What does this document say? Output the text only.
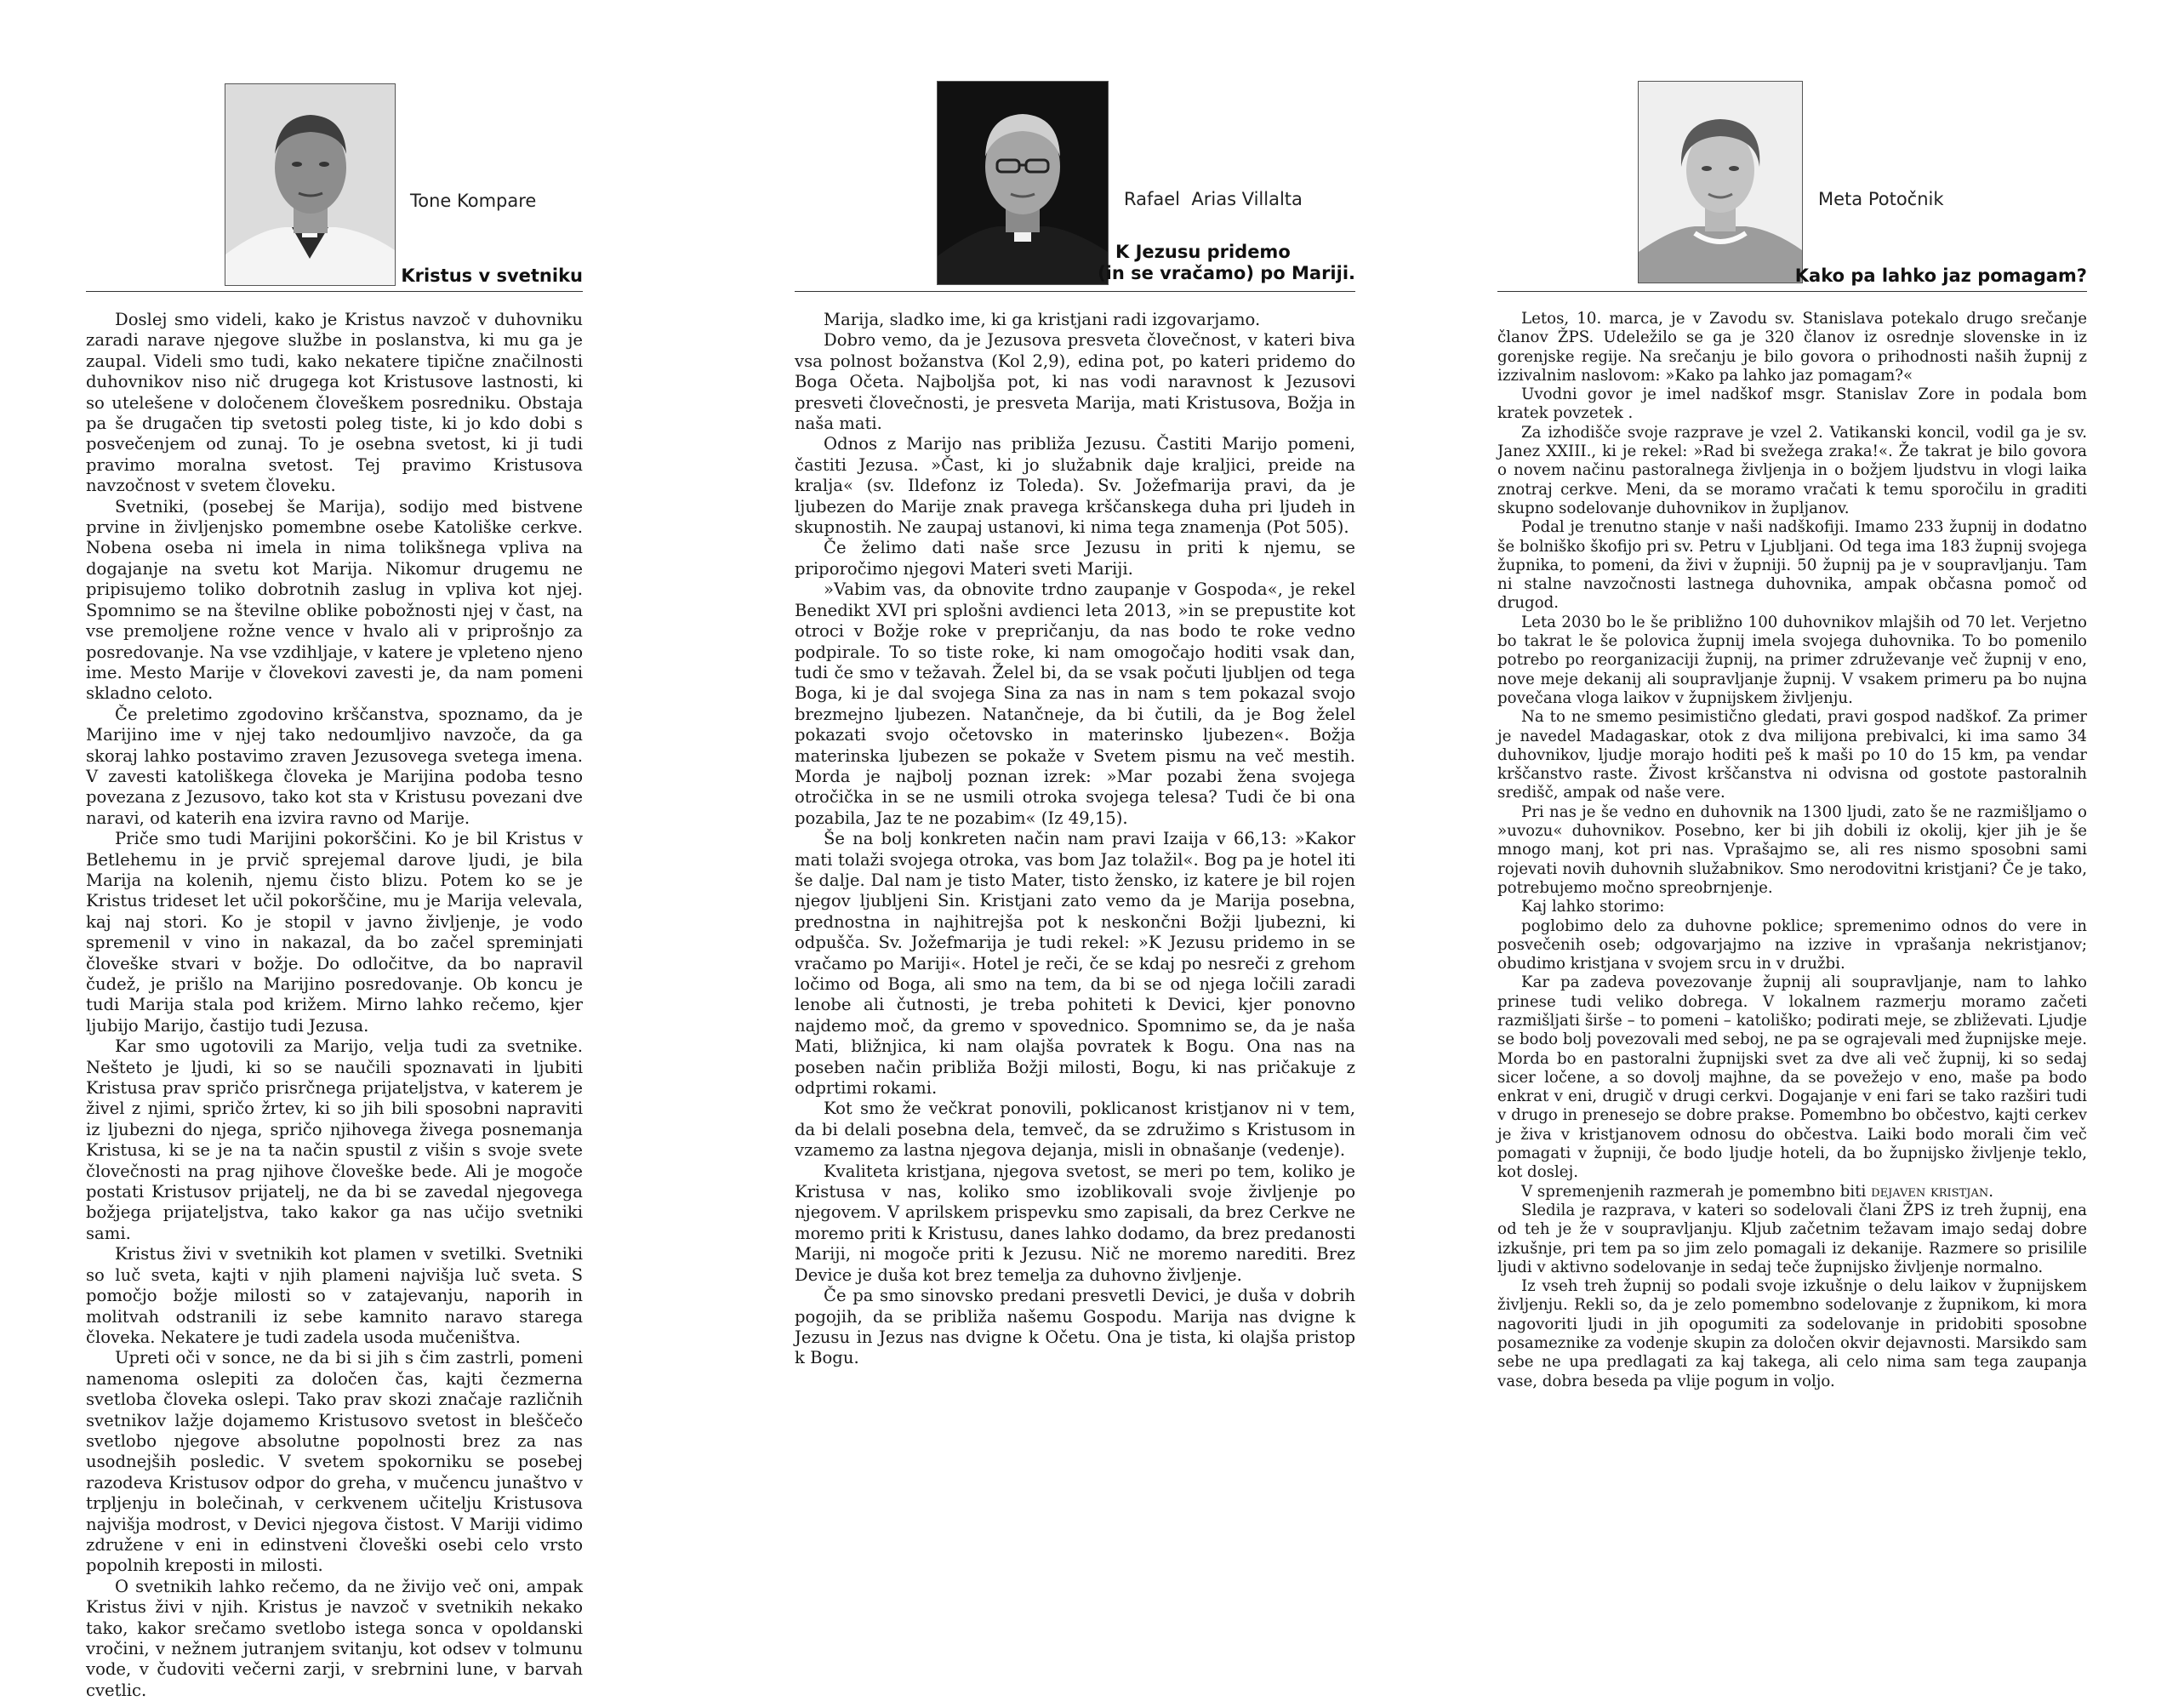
Tone Kompare
Kristus v svetniku

Doslej smo videli, kako je Kristus navzoč v duhovniku zaradi narave njegove službe in poslanstva, ki mu ga je zaupal. Videli smo tudi, kako nekatere tipične značilnosti duhovnikov niso nič drugega kot Kristusove lastnosti, ki so utelešene v določenem človeškem posredniku. Obstaja pa še drugačen tip svetosti poleg tiste, ki jo kdo dobi s posvečenjem od zunaj. To je osebna svetost, ki ji tudi pravimo moralna svetost. Tej pravimo Kristusova navzočnost v svetem človeku.

Svetniki, (posebej še Marija), sodijo med bistvene prvine in življenjsko pomembne osebe Katoliške cerkve. Nobena oseba ni imela in nima tolikšnega vpliva na dogajanje na svetu kot Marija. Nikomur drugemu ne pripisujemo toliko dobrotnih zaslug in vpliva kot njej. Spomnimo se na številne oblike pobožnosti njej v čast, na vse premoljene rožne vence v hvalo ali v priprošnjo za posredovanje. Na vse vzdihljaje, v katere je vpleteno njeno ime. Mesto Marije v človekovi zavesti je, da nam pomeni skladno celoto.

Če preletimo zgodovino krščanstva, spoznamo, da je Marijino ime v njej tako nedoumljivo navzoče, da ga skoraj lahko postavimo zraven Jezusovega svetega imena. V zavesti katoliškega človeka je Marijina podoba tesno povezana z Jezusovo, tako kot sta v Kristusu povezani dve naravi, od katerih ena izvira ravno od Marije.

Priče smo tudi Marijini pokorščini. Ko je bil Kristus v Betlehemu in je prvič sprejemal darove ljudi, je bila Marija na kolenih, njemu čisto blizu. Potem ko se je Kristus trideset let učil pokorščine, mu je Marija velevala, kaj naj stori. Ko je stopil v javno življenje, je vodo spremenil v vino in nakazal, da bo začel spreminjati človeške stvari v božje. Do odločitve, da bo napravil čudež, je prišlo na Marijino posredovanje. Ob koncu je tudi Marija stala pod križem. Mirno lahko rečemo, kjer ljubijo Marijo, častijo tudi Jezusa.

Kar smo ugotovili za Marijo, velja tudi za svetnike. Nešteto je ljudi, ki so se naučili spoznavati in ljubiti Kristusa prav spričo prisrčnega prijateljstva, v katerem je živel z njimi, spričo žrtev, ki so jih bili sposobni napraviti iz ljubezni do njega, spričo njihovega živega posnemanja Kristusa, ki se je na ta način spustil z višin s svoje svete človečnosti na prag njihove človeške bede. Ali je mogoče postati Kristusov prijatelj, ne da bi se zavedal njegovega božjega prijateljstva, tako kakor ga nas učijo svetniki sami.

Kristus živi v svetnikih kot plamen v svetilki. Svetniki so luč sveta, kajti v njih plameni najvišja luč sveta. S pomočjo božje milosti so v zatajevanju, naporih in molitvah odstranili iz sebe kamnito naravo starega človeka. Nekatere je tudi zadela usoda mučeništva.

Upreti oči v sonce, ne da bi si jih s čim zastrli, pomeni namenoma oslepiti za določen čas, kajti čezmerna svetloba človeka oslepi. Tako prav skozi značaje različnih svetnikov lažje dojamemo Kristusovo svetost in bleščečo svetlobo njegove absolutne popolnosti brez za nas usodnejših posledic. V svetem spokorniku se posebej razodeva Kristusov odpor do greha, v mučencu junaštvo v trpljenju in bolečinah, v cerkvenem učitelju Kristusova najvišja modrost, v Devici njegova čistost. V Mariji vidimo združene v eni in edinstveni človeški osebi celo vrsto popolnih kreposti in milosti.

O svetnikih lahko rečemo, da ne živijo več oni, ampak Kristus živi v njih. Kristus je navzoč v svetnikih nekako tako, kakor srečamo svetlobo istega sonca v opoldanski vročini, v nežnem jutranjem svitanju, kot odsev v tolmunu vode, v čudoviti večerni zarji, v srebrnini lune, v barvah cvetlic.

Rafael  Arias Villalta
K Jezusu pridemo
(in se vračamo) po Mariji.

Marija, sladko ime, ki ga kristjani radi izgovarjamo.

Dobro vemo, da je Jezusova presveta človečnost, v kateri biva vsa polnost božanstva (Kol 2,9), edina pot, po kateri pridemo do Boga Očeta. Najboljša pot, ki nas vodi naravnost k Jezusovi presveti človečnosti, je presveta Marija, mati Kristusova, Božja in naša mati.

Odnos z Marijo nas približa Jezusu. Častiti Marijo pomeni, častiti Jezusa. »Čast, ki jo služabnik daje kraljici, preide na kralja« (sv. Ildefonz iz Toleda). Sv. Jožefmarija pravi, da je ljubezen do Marije znak pravega krščanskega duha pri ljudeh in skupnostih. Ne zaupaj ustanovi, ki nima tega znamenja (Pot 505).

Če želimo dati naše srce Jezusu in priti k njemu, se priporočimo njegovi Materi sveti Mariji.

»Vabim vas, da obnovite trdno zaupanje v Gospoda«, je rekel Benedikt XVI pri splošni avdienci leta 2013, »in se prepustite kot otroci v Božje roke v prepričanju, da nas bodo te roke vedno podpirale. To so tiste roke, ki nam omogočajo hoditi vsak dan, tudi če smo v težavah. Želel bi, da se vsak počuti ljubljen od tega Boga, ki je dal svojega Sina za nas in nam s tem pokazal svojo brezmejno ljubezen. Natančneje, da bi čutili, da je Bog želel pokazati svojo očetovsko in materinsko ljubezen«. Božja materinska ljubezen se pokaže v Svetem pismu na več mestih. Morda je najbolj poznan izrek: »Mar pozabi žena svojega otročička in se ne usmili otroka svojega telesa? Tudi če bi ona pozabila, Jaz te ne pozabim« (Iz 49,15).

Še na bolj konkreten način nam pravi Izaija v 66,13: »Kakor mati tolaži svojega otroka, vas bom Jaz tolažil«. Bog pa je hotel iti še dalje. Dal nam je tisto Mater, tisto žensko, iz katere je bil rojen njegov ljubljeni Sin. Kristjani zato vemo da je Marija posebna, prednostna in najhitrejša pot k neskončni Božji ljubezni, ki odpušča. Sv. Jožefmarija je tudi rekel: »K Jezusu pridemo in se vračamo po Mariji«. Hotel je reči, če se kdaj po nesreči z grehom ločimo od Boga, ali smo na tem, da bi se od njega ločili zaradi lenobe ali čutnosti, je treba pohiteti k Devici, kjer ponovno najdemo moč, da gremo v spovednico. Spomnimo se, da je naša Mati, bližnjica, ki nam olajša povratek k Bogu. Ona nas na poseben način približa Božji milosti, Bogu, ki nas pričakuje z odprtimi rokami.

Kot smo že večkrat ponovili, poklicanost kristjanov ni v tem, da bi delali posebna dela, temveč, da se združimo s Kristusom in vzamemo za lastna njegova dejanja, misli in obnašanje (vedenje).

Kvaliteta kristjana, njegova svetost, se meri po tem, koliko je Kristusa v nas, koliko smo izoblikovali svoje življenje po njegovem. V aprilskem prispevku smo zapisali, da brez Cerkve ne moremo priti k Kristusu, danes lahko dodamo, da brez predanosti Mariji, ni mogoče priti k Jezusu. Nič ne moremo narediti. Brez Device je duša kot brez temelja za duhovno življenje.

Če pa smo sinovsko predani presvetli Devici, je duša v dobrih pogojih, da se približa našemu Gospodu. Marija nas dvigne k Jezusu in Jezus nas dvigne k Očetu. Ona je tista, ki olajša pristop k Bogu.

Meta Potočnik
Kako pa lahko jaz pomagam?

Letos, 10. marca, je v Zavodu sv. Stanislava potekalo drugo srečanje članov ŽPS. Udeležilo se ga je 320 članov iz osrednje slovenske in iz gorenjske regije. Na srečanju je bilo govora o prihodnosti naših župnij z izzivalnim naslovom: »Kako pa lahko jaz pomagam?«

Uvodni govor je imel nadškof msgr. Stanislav Zore in podala bom kratek povzetek .

Za izhodišče svoje razprave je vzel 2. Vatikanski koncil, vodil ga je sv. Janez XXIII., ki je rekel: »Rad bi svežega zraka!«. Že takrat je bilo govora o novem načinu pastoralnega življenja in o božjem ljudstvu in vlogi laika znotraj cerkve. Meni, da se moramo vračati k temu sporočilu in graditi skupno sodelovanje duhovnikov in župljanov.

Podal je trenutno stanje v naši nadškofiji. Imamo 233 župnij in dodatno še bolniško škofijo pri sv. Petru v Ljubljani. Od tega ima 183 župnij svojega župnika, to pomeni, da živi v župniji. 50 župnij pa je v soupravljanju. Tam ni stalne navzočnosti lastnega duhovnika, ampak občasna pomoč od drugod.

Leta 2030 bo le še približno 100 duhovnikov mlajših od 70 let. Verjetno bo takrat le še polovica župnij imela svojega duhovnika. To bo pomenilo potrebo po reorganizaciji župnij, na primer združevanje več župnij v eno, nove meje dekanij ali soupravljanje župnij. V vsakem primeru pa bo nujna povečana vloga laikov v župnijskem življenju.

Na to ne smemo pesimistično gledati, pravi gospod nadškof. Za primer je navedel Madagaskar, otok z dva milijona prebivalci, ki ima samo 34 duhovnikov, ljudje morajo hoditi peš k maši po 10 do 15 km, pa vendar krščanstvo raste. Živost krščanstva ni odvisna od gostote pastoralnih središč, ampak od naše vere.

Pri nas je še vedno en duhovnik na 1300 ljudi, zato še ne razmišljamo o »uvozu« duhovnikov. Posebno, ker bi jih dobili iz okolij, kjer jih je še mnogo manj, kot pri nas. Vprašajmo se, ali res nismo sposobni sami rojevati novih duhovnih služabnikov. Smo nerodovitni kristjani? Če je tako, potrebujemo močno spreobrnjenje.

Kaj lahko storimo:

poglobimo delo za duhovne poklice; spremenimo odnos do vere in posvečenih oseb; odgovarjajmo na izzive in vprašanja nekristjanov; obudimo kristjana v svojem srcu in v družbi.

Kar pa zadeva povezovanje župnij ali soupravljanje, nam to lahko prinese tudi veliko dobrega. V lokalnem razmerju moramo začeti razmišljati širše – to pomeni – katoliško; podirati meje, se zbliževati. Ljudje se bodo bolj povezovali med seboj, ne pa se ograjevali med župnijske meje. Morda bo en pastoralni župnijski svet za dve ali več župnij, ki so sedaj sicer ločene, a so dovolj majhne, da se povežejo v eno, maše pa bodo enkrat v eni, drugič v drugi cerkvi. Dogajanje v eni fari se tako razširi tudi v drugo in prenesejo se dobre prakse. Pomembno bo občestvo, kajti cerkev je živa v kristjanovem odnosu do občestva. Laiki bodo morali čim več pomagati v župniji, če bodo ljudje hoteli, da bo župnijsko življenje teklo, kot doslej.

V spremenjenih razmerah je pomembno biti dejaven kristjan.

Sledila je razprava, v kateri so sodelovali člani ŽPS iz treh župnij, ena od teh je že v soupravljanju. Kljub začetnim težavam imajo sedaj dobre izkušnje, pri tem pa so jim zelo pomagali iz dekanije. Razmere so prisilile ljudi v aktivno sodelovanje in sedaj teče župnijsko življenje normalno.

Iz vseh treh župnij so podali svoje izkušnje o delu laikov v župnijskem življenju. Rekli so, da je zelo pomembno sodelovanje z župnikom, ki mora nagovoriti ljudi in jih opogumiti za sodelovanje in pridobiti sposobne posameznike za vodenje skupin za določen okvir dejavnosti. Marsikdo sam sebe ne upa predlagati za kaj takega, ali celo nima sam tega zaupanja vase, dobra beseda pa vlije pogum in voljo.
